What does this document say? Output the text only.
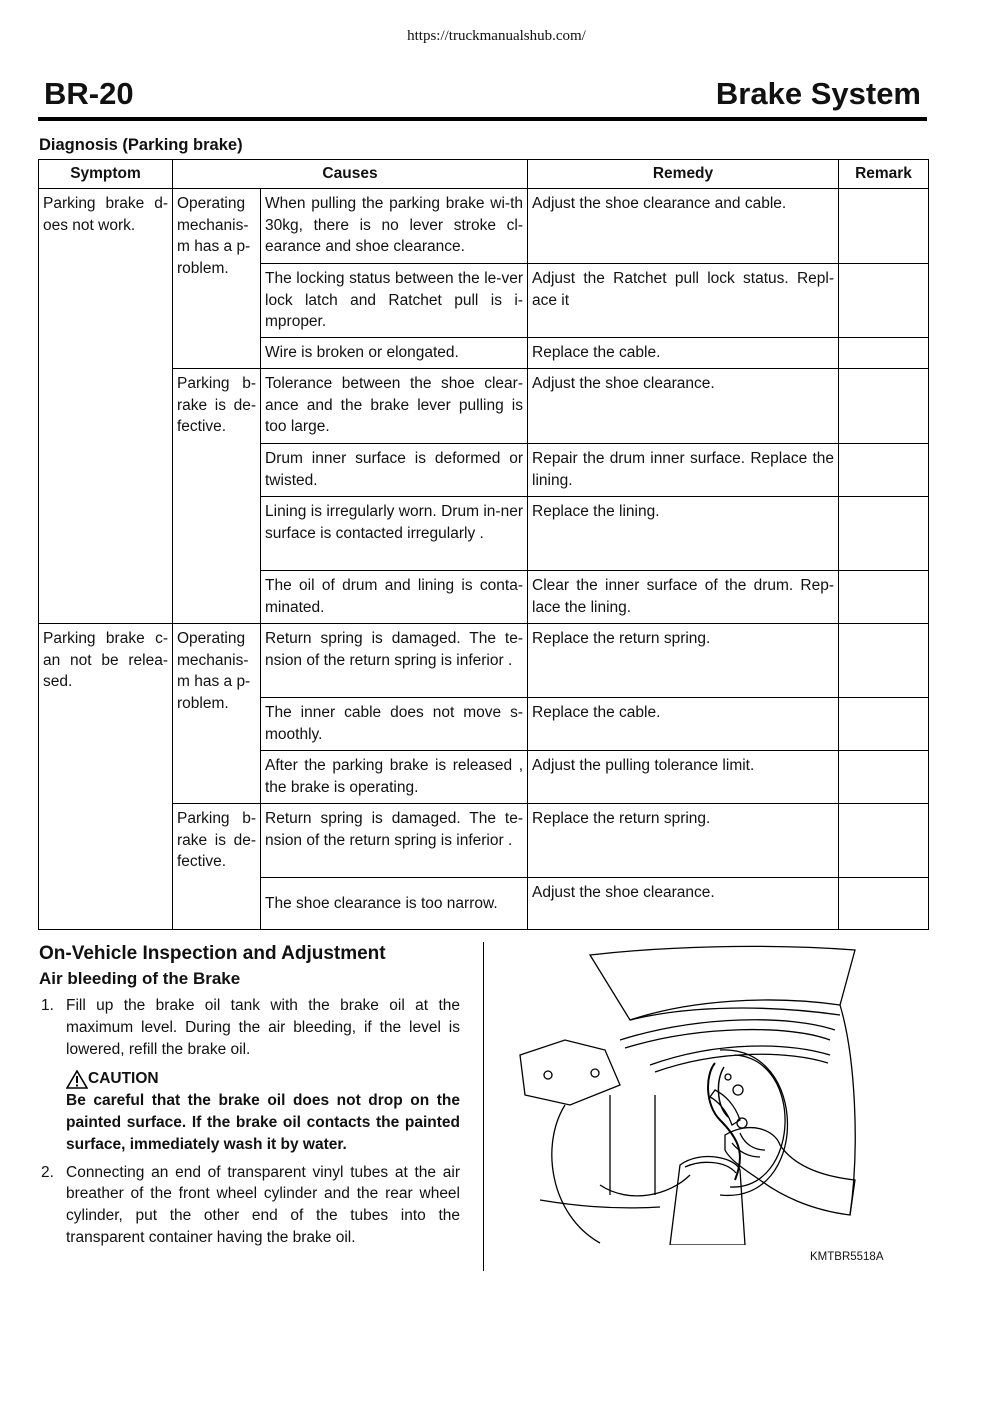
https://truckmanualshub.com/
BR-20	Brake System
Diagnosis (Parking brake)
Symptom	Causes		Remedy	Remark
Parking brake d-oes not work.	Operating mechanis-m has a p-roblem.	When pulling the parking brake wi-th 30kg, there is no lever stroke cl-earance and shoe clearance.	Adjust the shoe clearance and cable.	
		The locking status between the le-ver lock latch and Ratchet pull is i-mproper.	Adjust the Ratchet pull lock status. Repl-ace it	
		Wire is broken or elongated.	Replace the cable.	
	Parking b-rake is de-fective.	Tolerance between the shoe clear-ance and the brake lever pulling is too large.	Adjust the shoe clearance.	
		Drum inner surface is deformed or twisted.	Repair the drum inner surface. Replace the lining.	
		Lining is irregularly worn. Drum in-ner surface is contacted irregularly .	Replace the lining.	
		The oil of drum and lining is conta-minated.	Clear the inner surface of the drum. Rep-lace the lining.	
Parking brake c-an not be relea-sed.	Operating mechanis-m has a p-roblem.	Return spring is damaged. The te-nsion of the return spring is inferior .	Replace the return spring.	
		The inner cable does not move s-moothly.	Replace the cable.	
		After the parking brake is released , the brake is operating.	Adjust the pulling tolerance limit.	
	Parking b-rake is de-fective.	Return spring is damaged. The te-nsion of the return spring is inferior .	Replace the return spring.	
		The shoe clearance is too narrow.	Adjust the shoe clearance.	
On-Vehicle Inspection and Adjustment
Air bleeding of the Brake
1. Fill up the brake oil tank with the brake oil at the maximum level. During the air bleeding, if the level is lowered, refill the brake oil.
CAUTION
Be careful that the brake oil does not drop on the painted surface. If the brake oil contacts the painted surface, immediately wash it by water.
2. Connecting an end of transparent vinyl tubes at the air breather of the front wheel cylinder and the rear wheel cylinder, put the other end of the tubes into the transparent container having the brake oil.
KMTBR5518A
